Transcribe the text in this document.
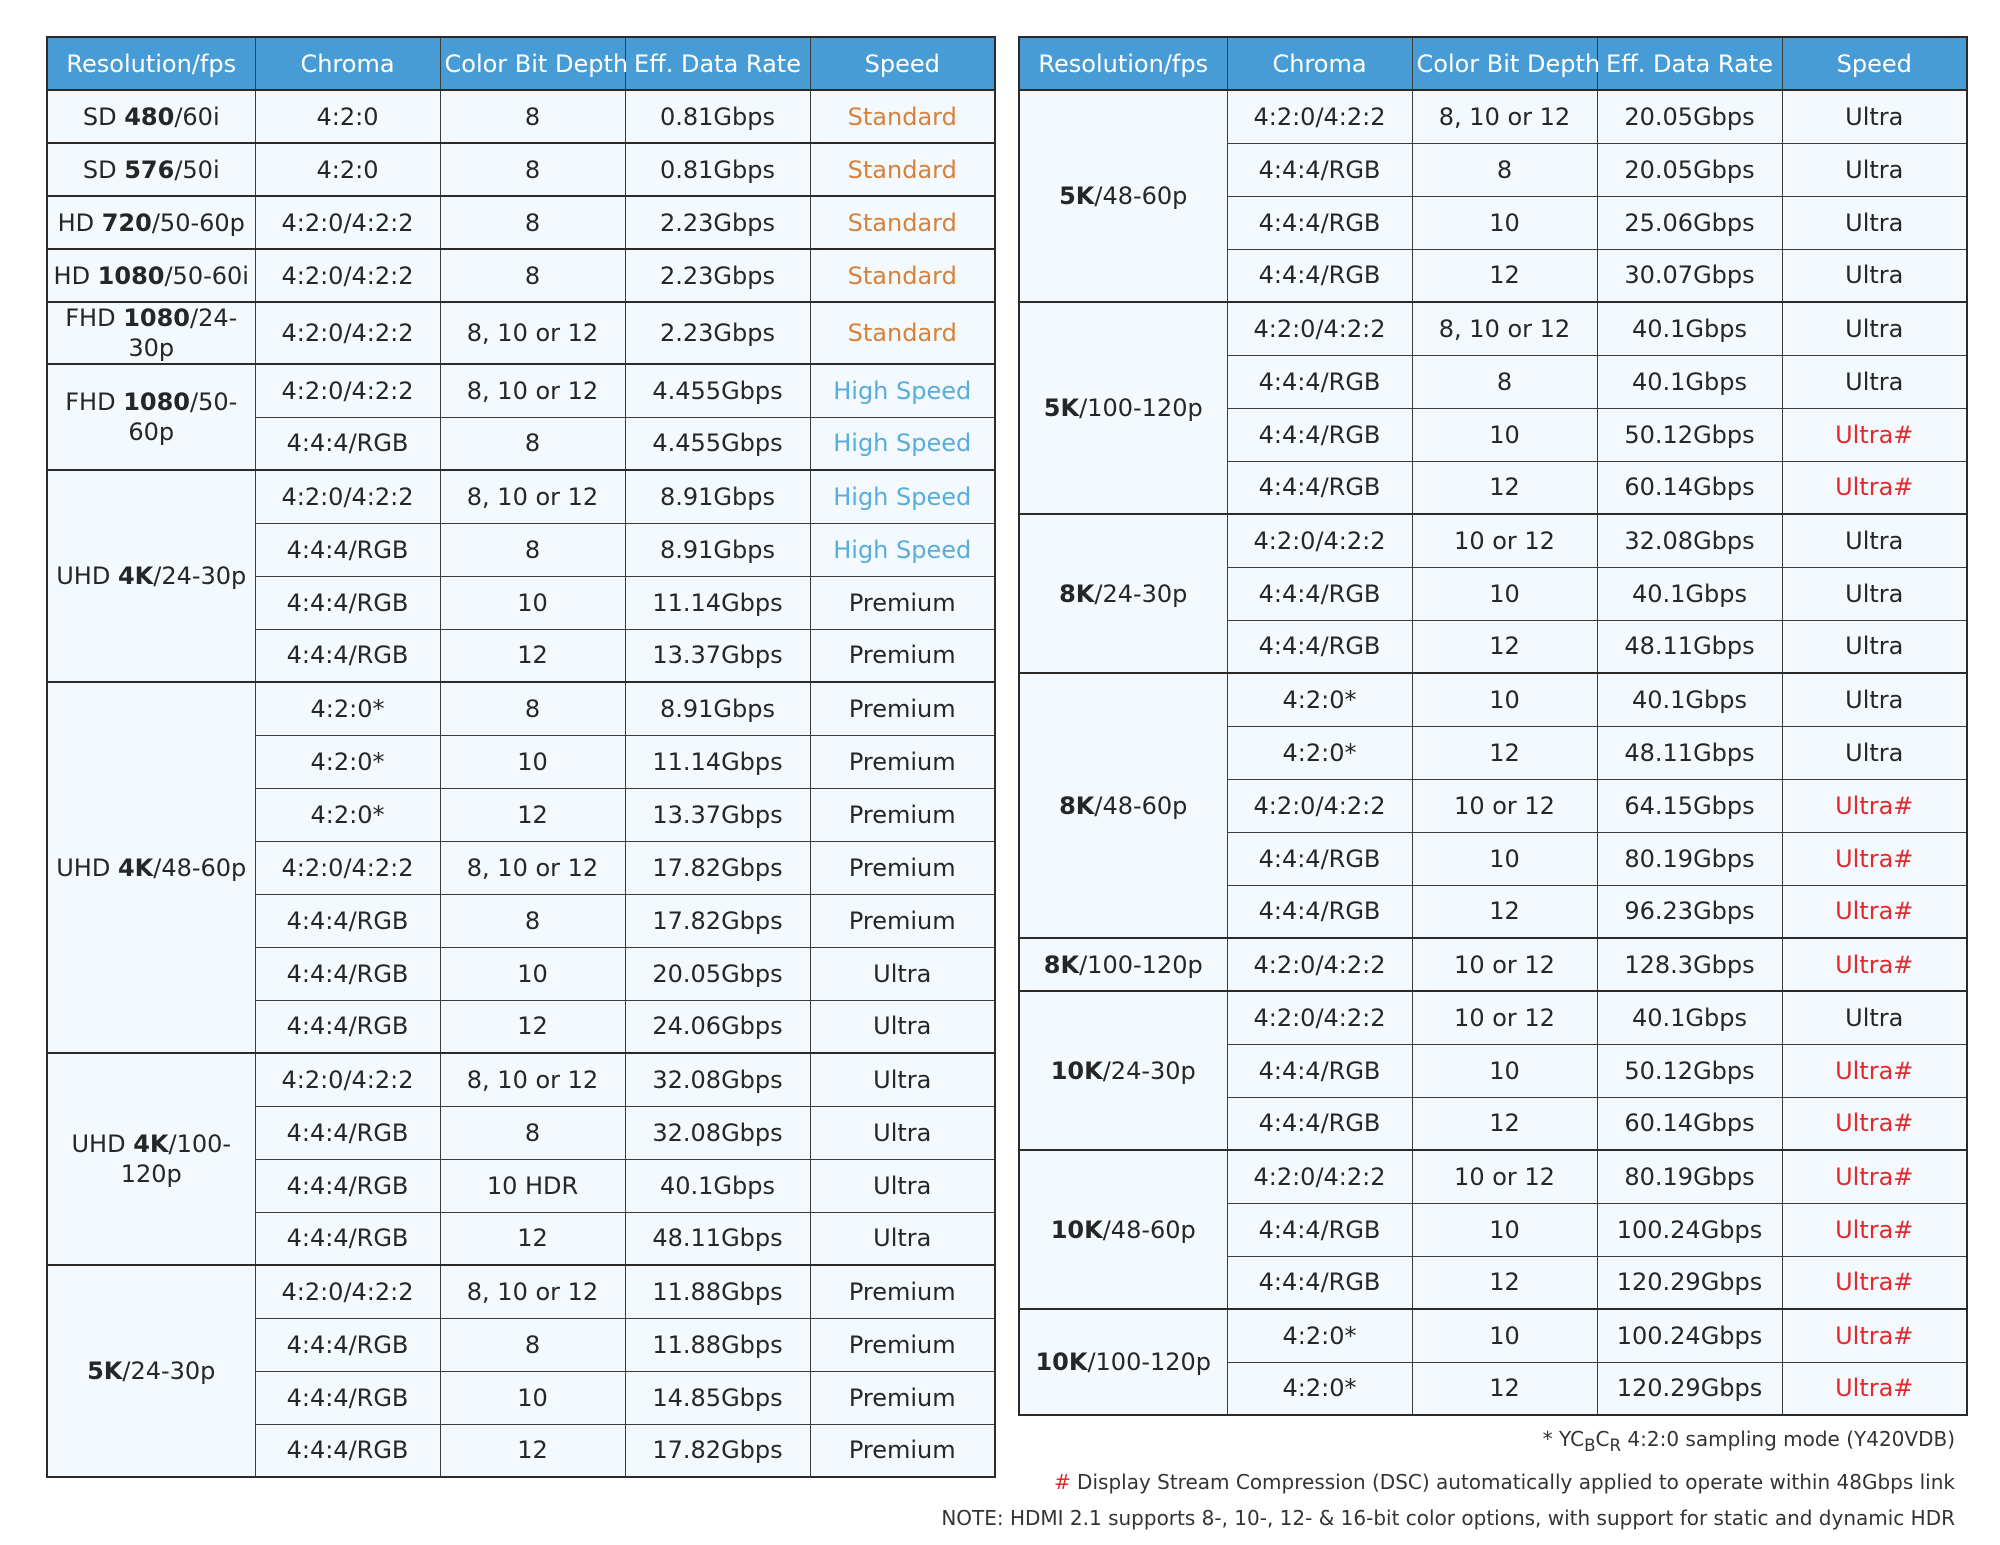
Resolution/fps	Chroma	Color Bit Depth	Eff. Data Rate	Speed
SD 480/60i	4:2:0	8	0.81Gbps	Standard
SD 576/50i	4:2:0	8	0.81Gbps	Standard
HD 720/50-60p	4:2:0/4:2:2	8	2.23Gbps	Standard
HD 1080/50-60i	4:2:0/4:2:2	8	2.23Gbps	Standard
FHD 1080/24-30p	4:2:0/4:2:2	8, 10 or 12	2.23Gbps	Standard
FHD 1080/50-60p	4:2:0/4:2:2	8, 10 or 12	4.455Gbps	High Speed
	4:4:4/RGB	8	4.455Gbps	High Speed
UHD 4K/24-30p	4:2:0/4:2:2	8, 10 or 12	8.91Gbps	High Speed
	4:4:4/RGB	8	8.91Gbps	High Speed
	4:4:4/RGB	10	11.14Gbps	Premium
	4:4:4/RGB	12	13.37Gbps	Premium
UHD 4K/48-60p	4:2:0*	8	8.91Gbps	Premium
	4:2:0*	10	11.14Gbps	Premium
	4:2:0*	12	13.37Gbps	Premium
	4:2:0/4:2:2	8, 10 or 12	17.82Gbps	Premium
	4:4:4/RGB	8	17.82Gbps	Premium
	4:4:4/RGB	10	20.05Gbps	Ultra
	4:4:4/RGB	12	24.06Gbps	Ultra
UHD 4K/100-120p	4:2:0/4:2:2	8, 10 or 12	32.08Gbps	Ultra
	4:4:4/RGB	8	32.08Gbps	Ultra
	4:4:4/RGB	10 HDR	40.1Gbps	Ultra
	4:4:4/RGB	12	48.11Gbps	Ultra
5K/24-30p	4:2:0/4:2:2	8, 10 or 12	11.88Gbps	Premium
	4:4:4/RGB	8	11.88Gbps	Premium
	4:4:4/RGB	10	14.85Gbps	Premium
	4:4:4/RGB	12	17.82Gbps	Premium
Resolution/fps	Chroma	Color Bit Depth	Eff. Data Rate	Speed
5K/48-60p	4:2:0/4:2:2	8, 10 or 12	20.05Gbps	Ultra
	4:4:4/RGB	8	20.05Gbps	Ultra
	4:4:4/RGB	10	25.06Gbps	Ultra
	4:4:4/RGB	12	30.07Gbps	Ultra
5K/100-120p	4:2:0/4:2:2	8, 10 or 12	40.1Gbps	Ultra
	4:4:4/RGB	8	40.1Gbps	Ultra
	4:4:4/RGB	10	50.12Gbps	Ultra#
	4:4:4/RGB	12	60.14Gbps	Ultra#
8K/24-30p	4:2:0/4:2:2	10 or 12	32.08Gbps	Ultra
	4:4:4/RGB	10	40.1Gbps	Ultra
	4:4:4/RGB	12	48.11Gbps	Ultra
8K/48-60p	4:2:0*	10	40.1Gbps	Ultra
	4:2:0*	12	48.11Gbps	Ultra
	4:2:0/4:2:2	10 or 12	64.15Gbps	Ultra#
	4:4:4/RGB	10	80.19Gbps	Ultra#
	4:4:4/RGB	12	96.23Gbps	Ultra#
8K/100-120p	4:2:0/4:2:2	10 or 12	128.3Gbps	Ultra#
10K/24-30p	4:2:0/4:2:2	10 or 12	40.1Gbps	Ultra
	4:4:4/RGB	10	50.12Gbps	Ultra#
	4:4:4/RGB	12	60.14Gbps	Ultra#
10K/48-60p	4:2:0/4:2:2	10 or 12	80.19Gbps	Ultra#
	4:4:4/RGB	10	100.24Gbps	Ultra#
	4:4:4/RGB	12	120.29Gbps	Ultra#
10K/100-120p	4:2:0*	10	100.24Gbps	Ultra#
	4:2:0*	12	120.29Gbps	Ultra#
* $YC_BC_R$ 4:2:0 sampling mode (Y420VDB)
# Display Stream Compression (DSC) automatically applied to operate within 48Gbps link
NOTE: HDMI 2.1 supports 8-, 10-, 12- & 16-bit color options, with support for static and dynamic HDR
